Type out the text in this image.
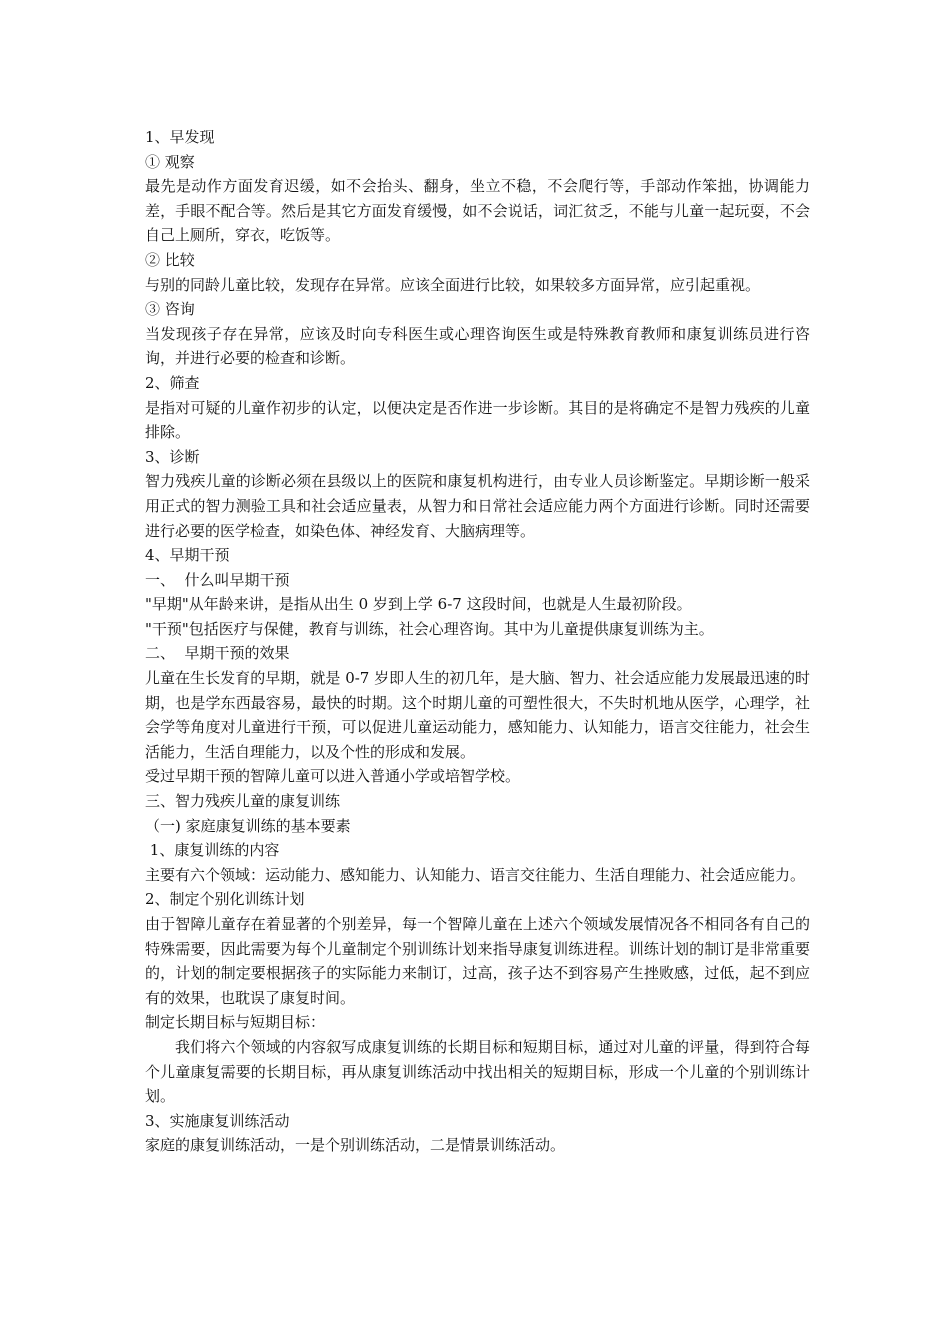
1、早发现
① 观察

最先是动作方面发育迟缓，如不会抬头、翻身，坐立不稳，不会爬行等，手部动作笨拙，协调能力差，手眼不配合等。然后是其它方面发育缓慢，如不会说话，词汇贫乏，不能与儿童一起玩耍，不会自己上厕所，穿衣，吃饭等。

② 比较

与别的同龄儿童比较，发现存在异常。应该全面进行比较，如果较多方面异常，应引起重视。

③ 咨询

当发现孩子存在异常，应该及时向专科医生或心理咨询医生或是特殊教育教师和康复训练员进行咨询，并进行必要的检查和诊断。

2、筛查

是指对可疑的儿童作初步的认定，以便决定是否作进一步诊断。其目的是将确定不是智力残疾的儿童排除。

3、诊断

智力残疾儿童的诊断必须在县级以上的医院和康复机构进行，由专业人员诊断鉴定。早期诊断一般采用正式的智力测验工具和社会适应量表，从智力和日常社会适应能力两个方面进行诊断。同时还需要进行必要的医学检查，如染色体、神经发育、大脑病理等。

4、早期干预
一、  什么叫早期干预

"早期"从年龄来讲，是指从出生 0 岁到上学 6-7 这段时间，也就是人生最初阶段。

"干预"包括医疗与保健，教育与训练，社会心理咨询。其中为儿童提供康复训练为主。

二、  早期干预的效果

儿童在生长发育的早期，就是 0-7 岁即人生的初几年，是大脑、智力、社会适应能力发展最迅速的时期，也是学东西最容易，最快的时期。这个时期儿童的可塑性很大，不失时机地从医学，心理学，社会学等角度对儿童进行干预，可以促进儿童运动能力，感知能力、认知能力，语言交往能力，社会生活能力，生活自理能力，以及个性的形成和发展。

受过早期干预的智障儿童可以进入普通小学或培智学校。

三、智力残疾儿童的康复训练
（一) 家庭康复训练的基本要素
1、康复训练的内容

主要有六个领域：运动能力、感知能力、认知能力、语言交往能力、生活自理能力、社会适应能力。

2、制定个别化训练计划

由于智障儿童存在着显著的个别差异，每一个智障儿童在上述六个领域发展情况各不相同各有自己的特殊需要，因此需要为每个儿童制定个别训练计划来指导康复训练进程。训练计划的制订是非常重要的，计划的制定要根据孩子的实际能力来制订，过高，孩子达不到容易产生挫败感，过低，起不到应有的效果，也耽误了康复时间。

制定长期目标与短期目标：

我们将六个领域的内容叙写成康复训练的长期目标和短期目标，通过对儿童的评量，得到符合每个儿童康复需要的长期目标，再从康复训练活动中找出相关的短期目标，形成一个儿童的个别训练计划。

3、实施康复训练活动

家庭的康复训练活动，一是个别训练活动，二是情景训练活动。
